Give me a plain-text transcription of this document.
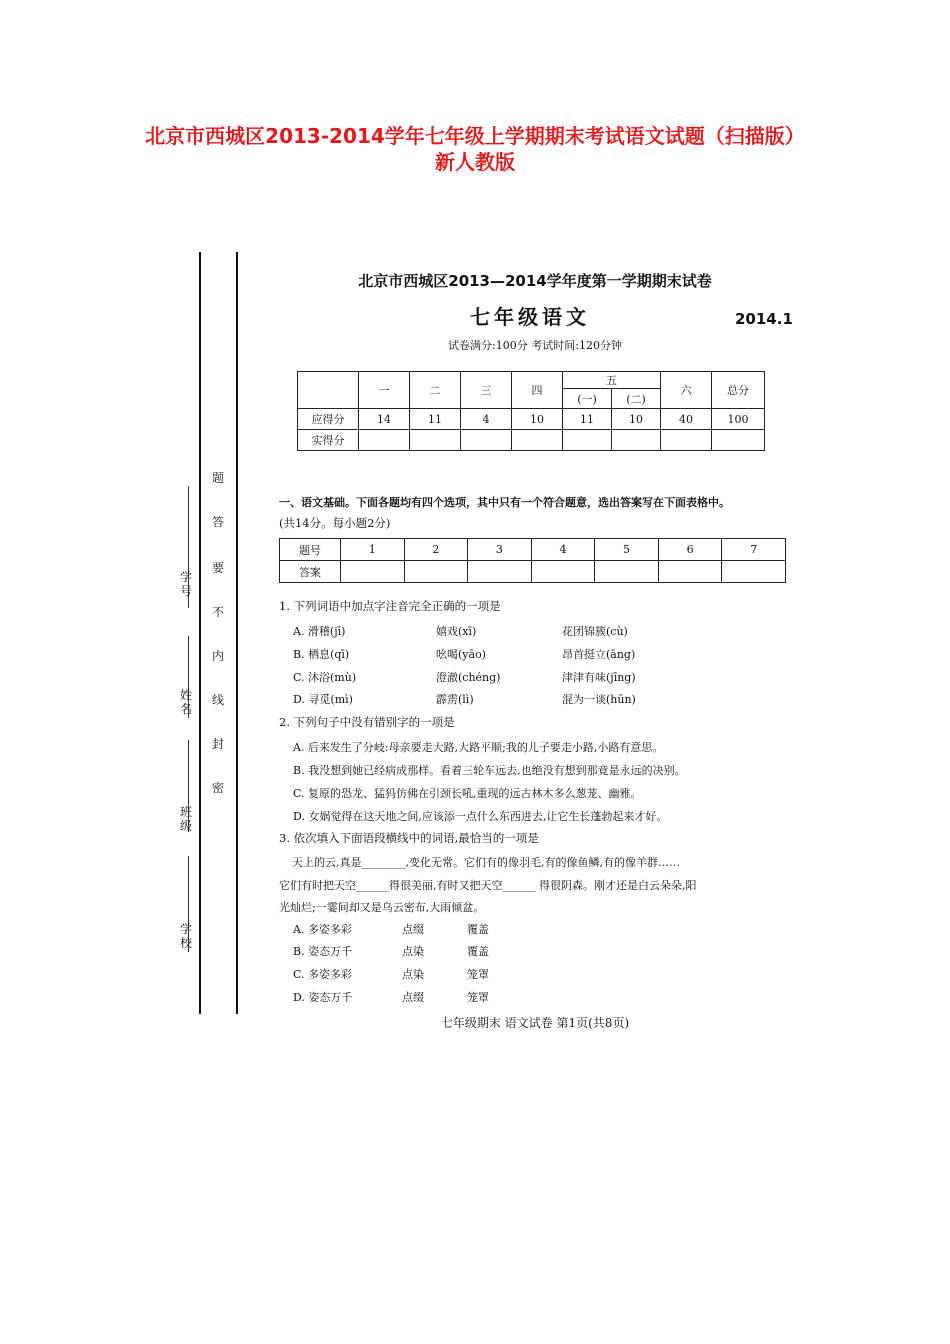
北京市西城区2013-2014学年七年级上学期期末考试语文试题（扫描版）
新人教版
学校
班级
姓名
学号
密
封
线
内
不
要
答
题
北京市西城区2013—2014学年度第一学期期末试卷
七年级语文	2014.1
试卷满分:100分 考试时间:120分钟
	一	二	三	四	五		六	总分
					(一)	(二)		
应得分	14	11	4	10	11	10	40	100
实得分								
一、语文基础。下面各题均有四个选项，其中只有一个符合题意，选出答案写在下面表格中。
(共14分。每小题2分)
题号	1	2	3	4	5	6	7
答案							
1. 下列词语中加点字注音完全正确的一项是
A. 滑稽(jī)	嬉戏(xī)	花团锦簇(cù)
B. 栖息(qī)	吆喝(yāo)	昂首挺立(āng)
C. 沐浴(mù)	澄澈(chéng)	津津有味(jīng)
D. 寻觅(mì)	霹雳(lì)	混为一谈(hūn)
2. 下列句子中没有错别字的一项是
A. 后来发生了分岐:母亲要走大路,大路平顺;我的儿子要走小路,小路有意思。
B. 我没想到她已经病成那样。看着三轮车远去,也绝没有想到那竟是永远的决别。
C. 复原的恐龙、猛犸仿佛在引颈长吼,重现的远古林木多么葱茏、幽雅。
D. 女娲觉得在这天地之间,应该添一点什么东西进去,让它生长蓬勃起来才好。
3. 依次填入下面语段横线中的词语,最恰当的一项是
天上的云,真是________,变化无常。它们有的像羽毛,有的像鱼鳞,有的像羊群……
它们有时把天空______得很美丽,有时又把天空______ 得很阴森。刚才还是白云朵朵,阳
光灿烂;一霎间却又是乌云密布,大雨倾盆。
A. 多姿多彩	点缀	覆盖
B. 姿态万千	点染	覆盖
C. 多姿多彩	点染	笼罩
D. 姿态万千	点缀	笼罩
七年级期末 语文试卷 第1页(共8页)
